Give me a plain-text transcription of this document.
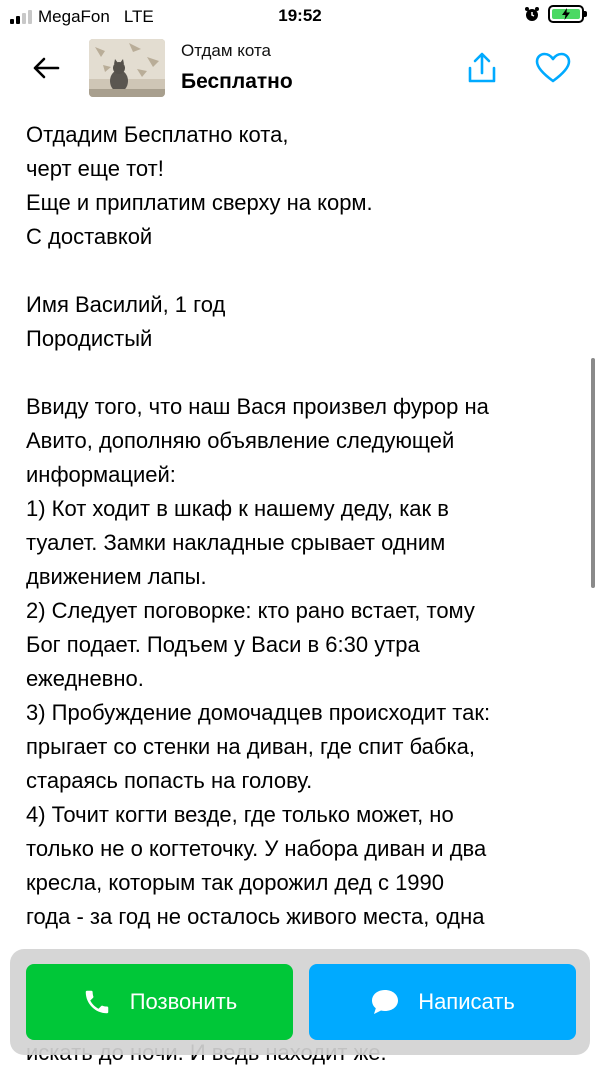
MegaFon LTE	19:52
Отдам кота
Бесплатно

Отдадим Бесплатно кота,

черт еще тот!

Еще и приплатим сверху на корм.

С доставкой

Имя Василий, 1 год

Породистый

Ввиду того, что наш Вася произвел фурор на

Авито, дополняю объявление следующей

информацией:

1) Кот ходит в шкаф к нашему деду, как в

туалет. Замки накладные срывает одним

движением лапы.

2) Следует поговорке: кто рано встает, тому

Бог подает. Подъем у Васи в 6:30 утра

ежедневно.

3) Пробуждение домочадцев происходит так:

прыгает со стенки на диван, где спит бабка,

стараясь попасть на голову.

4) Точит когти везде, где только может, но

только не о когтеточку. У набора диван и два

кресла, которым так дорожил дед с 1990

года - за год не осталось живого места, одна

Позвонить	Написать
